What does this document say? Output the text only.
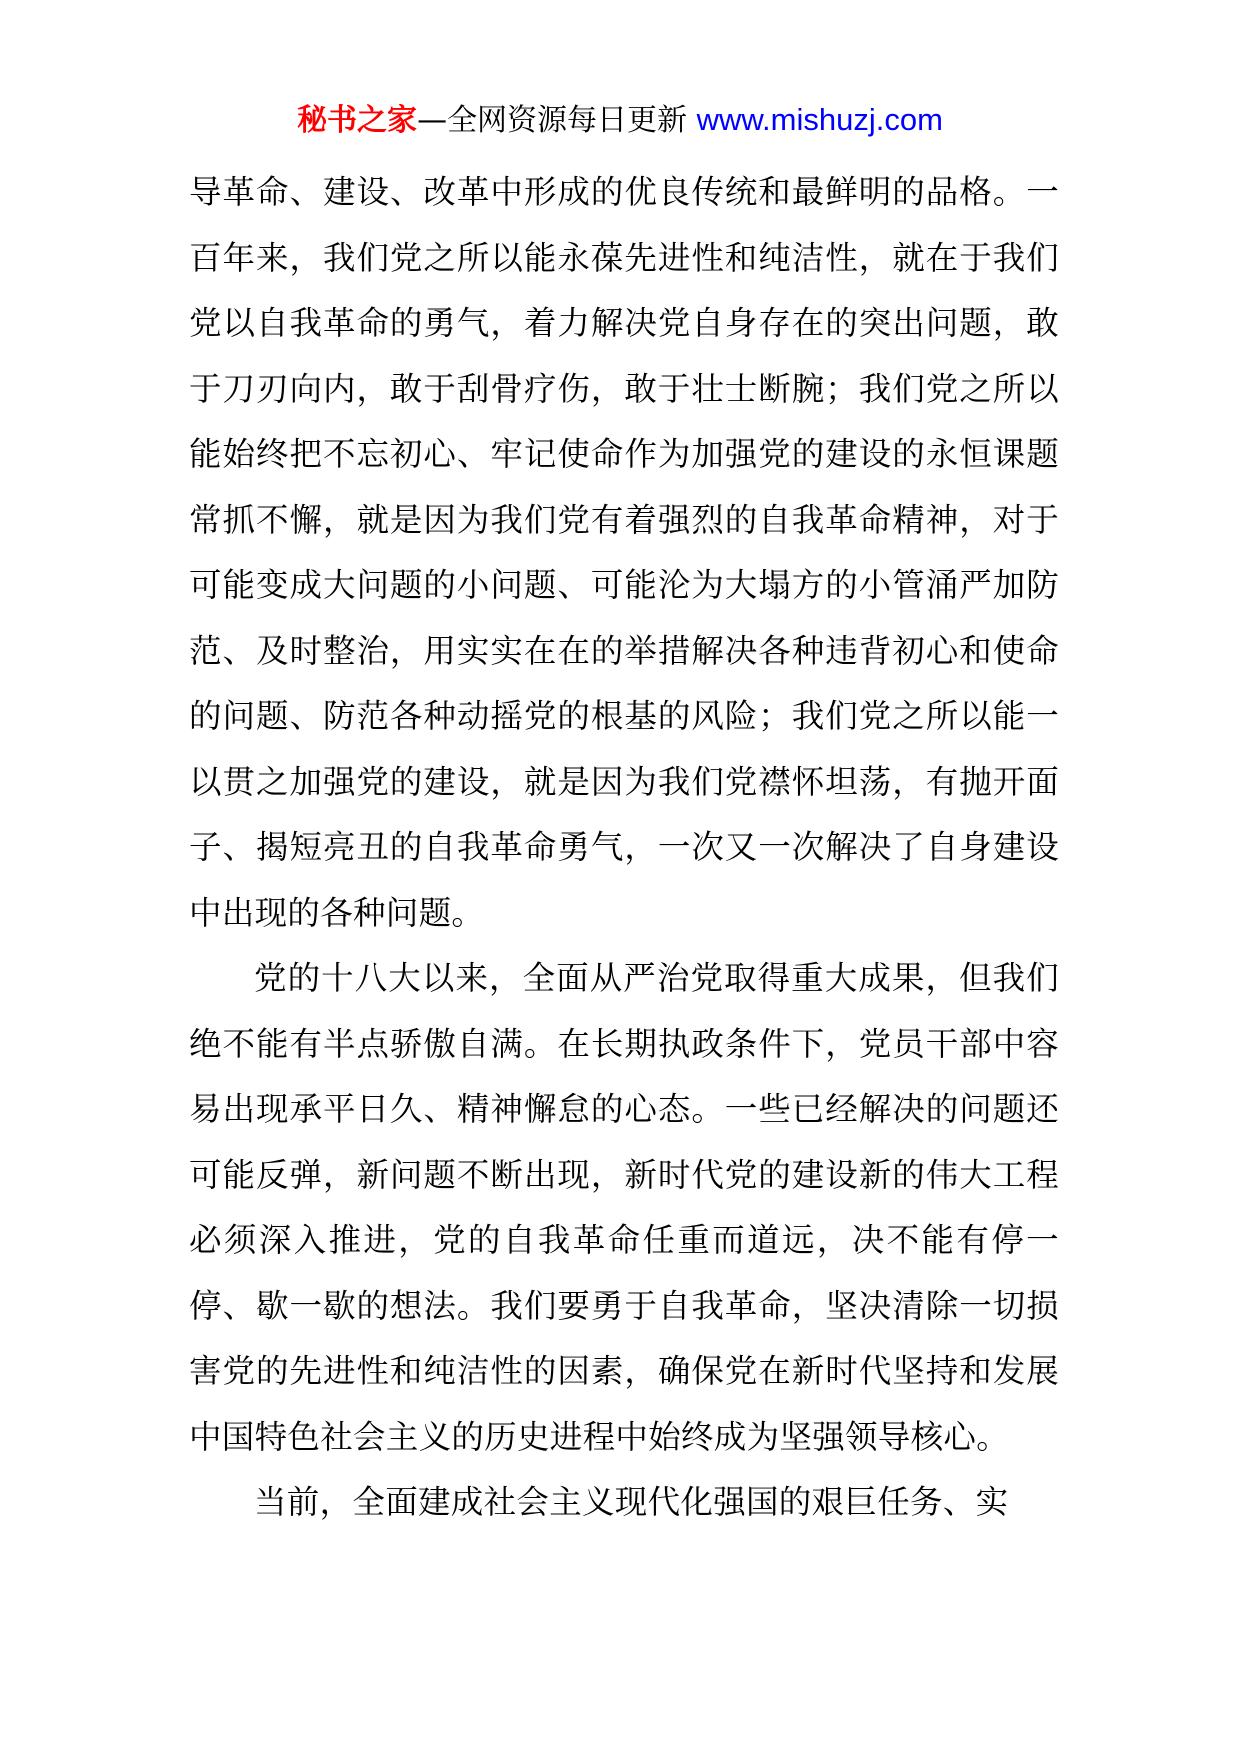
秘书之家—全网资源每日更新 www.mishuzj.com

导革命、建设、改革中形成的优良传统和最鲜明的品格。一百年来，我们党之所以能永葆先进性和纯洁性，就在于我们党以自我革命的勇气，着力解决党自身存在的突出问题，敢于刀刃向内，敢于刮骨疗伤，敢于壮士断腕；我们党之所以能始终把不忘初心、牢记使命作为加强党的建设的永恒课题常抓不懈，就是因为我们党有着强烈的自我革命精神，对于可能变成大问题的小问题、可能沦为大塌方的小管涌严加防范、及时整治，用实实在在的举措解决各种违背初心和使命的问题、防范各种动摇党的根基的风险；我们党之所以能一以贯之加强党的建设，就是因为我们党襟怀坦荡，有抛开面子、揭短亮丑的自我革命勇气，一次又一次解决了自身建设中出现的各种问题。

党的十八大以来，全面从严治党取得重大成果，但我们绝不能有半点骄傲自满。在长期执政条件下，党员干部中容易出现承平日久、精神懈怠的心态。一些已经解决的问题还可能反弹，新问题不断出现，新时代党的建设新的伟大工程必须深入推进，党的自我革命任重而道远，决不能有停一停、歇一歇的想法。我们要勇于自我革命，坚决清除一切损害党的先进性和纯洁性的因素，确保党在新时代坚持和发展中国特色社会主义的历史进程中始终成为坚强领导核心。

当前，全面建成社会主义现代化强国的艰巨任务、实
